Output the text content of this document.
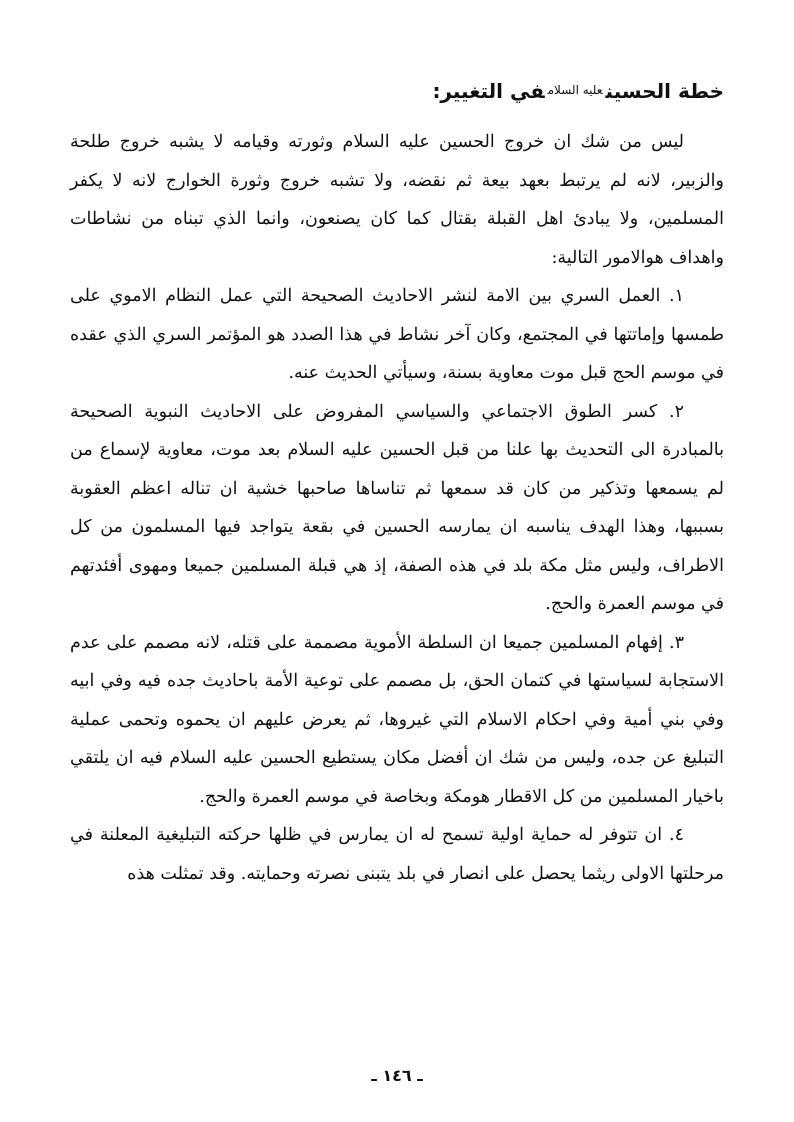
خطة الحسين$^{عليه السلام}$في التغيير:

ليس من شك ان خروج الحسين عليه السلام وثورته وقيامه لا يشبه خروج طلحة والزبير، لانه لم يرتبط بعهد بيعة ثم نقضه، ولا تشبه خروج وثورة الخوارج لانه لا يكفر المسلمين، ولا يبادئ اهل القبلة بقتال كما كان يصنعون، وانما الذي تبناه من نشاطات واهداف هوالامور التالية:

١. العمل السري بين الامة لنشر الاحاديث الصحيحة التي عمل النظام الاموي على طمسها وإماتتها في المجتمع، وكان آخر نشاط في هذا الصدد هو المؤتمر السري الذي عقده في موسم الحج قبل موت معاوية بسنة، وسيأتي الحديث عنه.

٢. كسر الطوق الاجتماعي والسياسي المفروض على الاحاديث النبوية الصحيحة بالمبادرة الى التحديث بها علنا من قبل الحسين عليه السلام بعد موت، معاوية لإسماع من لم يسمعها وتذكير من كان قد سمعها ثم تناساها صاحبها خشية ان تناله اعظم العقوبة بسببها، وهذا الهدف يناسبه ان يمارسه الحسين في بقعة يتواجد فيها المسلمون من كل الاطراف، وليس مثل مكة بلد في هذه الصفة، إذ هي قبلة المسلمين جميعا ومهوى أفئدتهم في موسم العمرة والحج.

٣. إفهام المسلمين جميعا ان السلطة الأموية مصممة على قتله، لانه مصمم على عدم الاستجابة لسياستها في كتمان الحق، بل مصمم على توعية الأمة باحاديث جده فيه وفي ابيه وفي بني أمية وفي احكام الاسلام التي غيروها، ثم يعرض عليهم ان يحموه وتحمى عملية التبليغ عن جده، وليس من شك ان أفضل مكان يستطيع الحسين عليه السلام فيه ان يلتقي باخيار المسلمين من كل الاقطار هومكة وبخاصة في موسم العمرة والحج.

٤. ان تتوفر له حماية اولية تسمح له ان يمارس في ظلها حركته التبليغية المعلنة في مرحلتها الاولى ريثما يحصل على انصار في بلد يتبنى نصرته وحمايته. وقد تمثلت هذه

ـ ١٤٦ ـ
